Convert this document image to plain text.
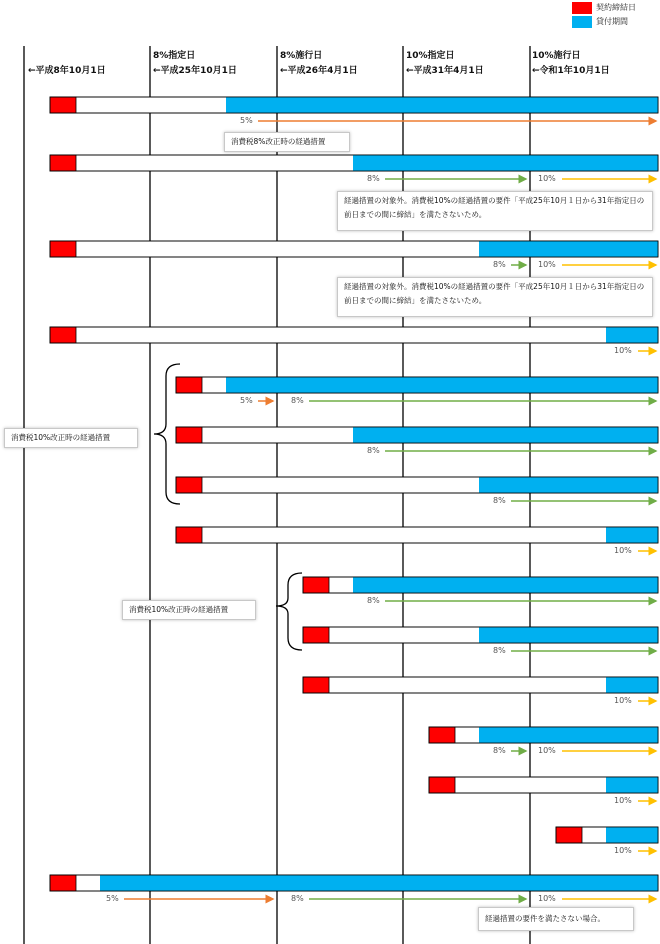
契約締結日
貸付期間
←平成8年10月1日
8%指定日
←平成25年10月1日
8%施行日
←平成26年4月1日
10%指定日
←平成31年4月1日
10%施行日
←令和1年10月1日
消費税8%改正時の経過措置
経過措置の対象外。消費税10%の経過措置の要件「平成25年10月１日から31年指定日の前日までの間に締結」を満たさないため。
経過措置の対象外。消費税10%の経過措置の要件「平成25年10月１日から31年指定日の前日までの間に締結」を満たさないため。
消費税10%改正時の経過措置
消費税10%改正時の経過措置
経過措置の要件を満たさない場合。
5%
8%	10%
8%	10%
10%
5%	8%
8%
8%
10%
8%
8%
10%
8%	10%
10%
10%
5%	8%	10%
